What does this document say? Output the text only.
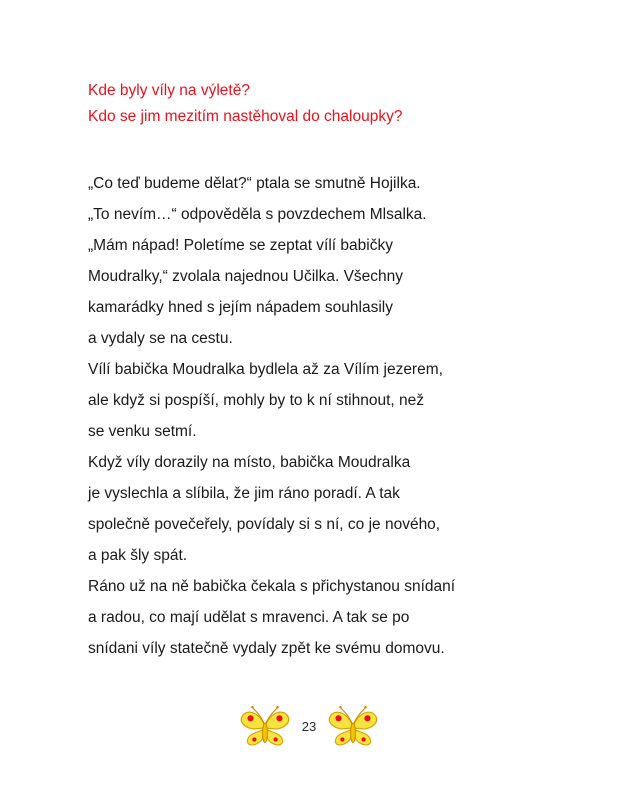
Kde byly víly na výletě?
Kdo se jim mezitím nastěhoval do chaloupky?

„Co teď budeme dělat?“ ptala se smutně Hojilka.
„To nevím…“ odpověděla s povzdechem Mlsalka.
„Mám nápad! Poletíme se zeptat vílí babičky
Moudralky,“ zvolala najednou Učilka. Všechny
kamarádky hned s jejím nápadem souhlasily
a vydaly se na cestu.

Vílí babička Moudralka bydlela až za Vílím jezerem,
ale když si pospíší, mohly by to k ní stihnout, než
se venku setmí.

Když víly dorazily na místo, babička Moudralka
je vyslechla a slíbila, že jim ráno poradí. A tak
společně povečeřely, povídaly si s ní, co je nového,
a pak šly spát.

Ráno už na ně babička čekala s přichystanou snídaní
a radou, co mají udělat s mravenci. A tak se po
snídani víly statečně vydaly zpět ke svému domovu.

23
